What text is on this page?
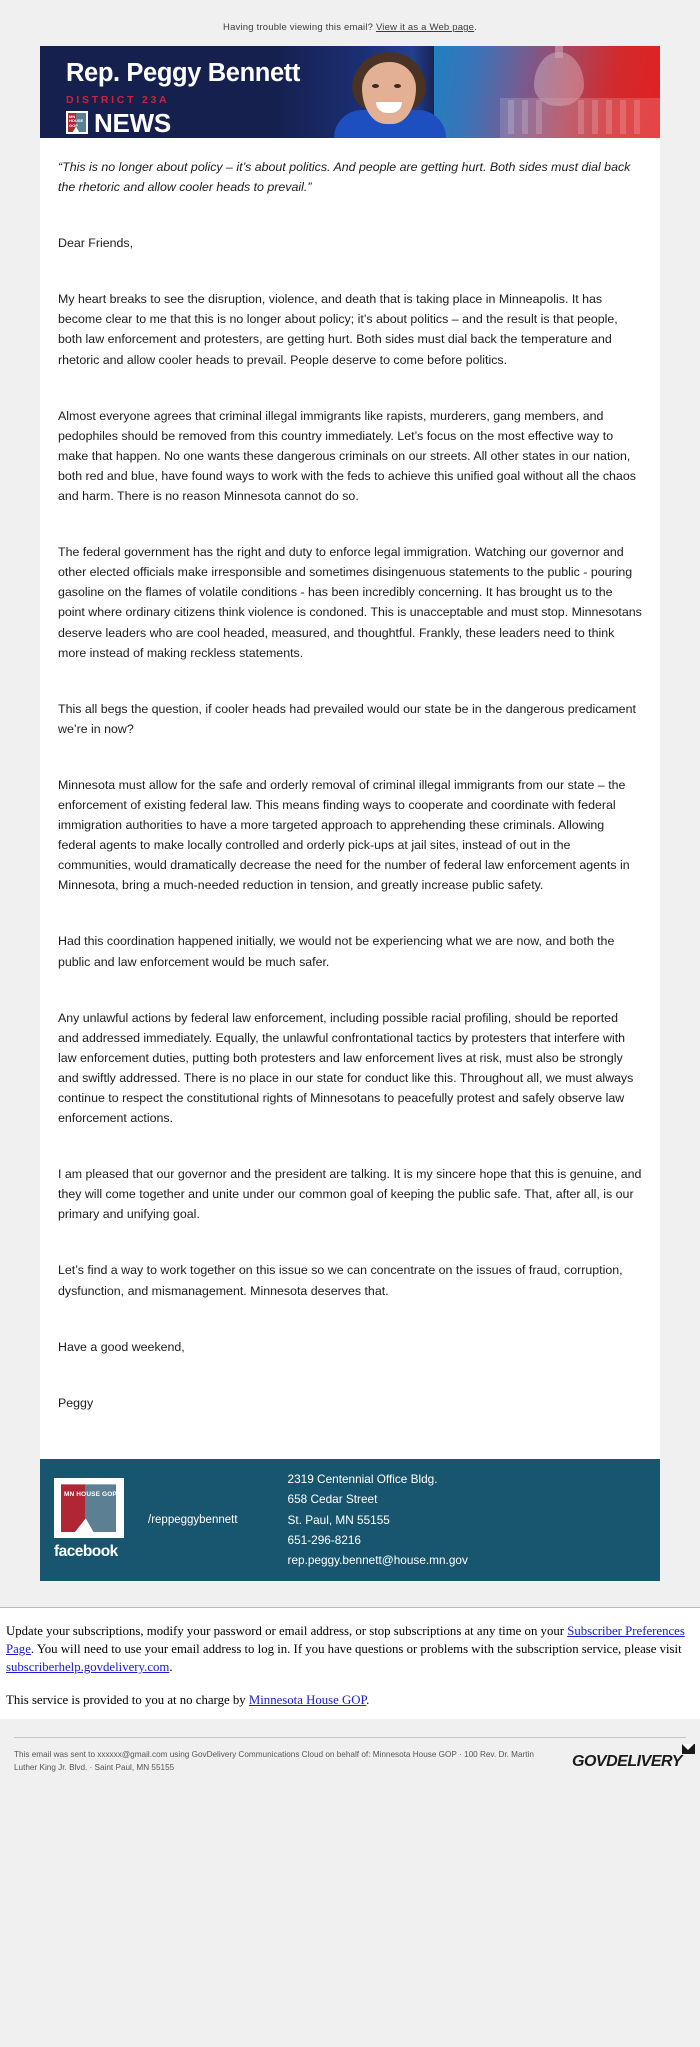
Having trouble viewing this email? View it as a Web page.
Rep. Peggy Bennett
DISTRICT 23A
MN HOUSE GOP NEWS
“This is no longer about policy – it’s about politics. And people are getting hurt. Both sides must dial back the rhetoric and allow cooler heads to prevail.”

Dear Friends,

My heart breaks to see the disruption, violence, and death that is taking place in Minneapolis. It has become clear to me that this is no longer about policy; it’s about politics – and the result is that people, both law enforcement and protesters, are getting hurt. Both sides must dial back the temperature and rhetoric and allow cooler heads to prevail. People deserve to come before politics.

Almost everyone agrees that criminal illegal immigrants like rapists, murderers, gang members, and pedophiles should be removed from this country immediately. Let’s focus on the most effective way to make that happen. No one wants these dangerous criminals on our streets. All other states in our nation, both red and blue, have found ways to work with the feds to achieve this unified goal without all the chaos and harm. There is no reason Minnesota cannot do so.

The federal government has the right and duty to enforce legal immigration. Watching our governor and other elected officials make irresponsible and sometimes disingenuous statements to the public - pouring gasoline on the flames of volatile conditions - has been incredibly concerning. It has brought us to the point where ordinary citizens think violence is condoned. This is unacceptable and must stop. Minnesotans deserve leaders who are cool headed, measured, and thoughtful. Frankly, these leaders need to think more instead of making reckless statements.

This all begs the question, if cooler heads had prevailed would our state be in the dangerous predicament we’re in now?

Minnesota must allow for the safe and orderly removal of criminal illegal immigrants from our state – the enforcement of existing federal law. This means finding ways to cooperate and coordinate with federal immigration authorities to have a more targeted approach to apprehending these criminals. Allowing federal agents to make locally controlled and orderly pick-ups at jail sites, instead of out in the communities, would dramatically decrease the need for the number of federal law enforcement agents in Minnesota, bring a much-needed reduction in tension, and greatly increase public safety.

Had this coordination happened initially, we would not be experiencing what we are now, and both the public and law enforcement would be much safer.

Any unlawful actions by federal law enforcement, including possible racial profiling, should be reported and addressed immediately. Equally, the unlawful confrontational tactics by protesters that interfere with law enforcement duties, putting both protesters and law enforcement lives at risk, must also be strongly and swiftly addressed. There is no place in our state for conduct like this. Throughout all, we must always continue to respect the constitutional rights of Minnesotans to peacefully protest and safely observe law enforcement actions.

I am pleased that our governor and the president are talking. It is my sincere hope that this is genuine, and they will come together and unite under our common goal of keeping the public safe. That, after all, is our primary and unifying goal.

Let’s find a way to work together on this issue so we can concentrate on the issues of fraud, corruption, dysfunction, and mismanagement. Minnesota deserves that.

Have a good weekend,

Peggy

MN HOUSE GOP
facebook
/reppeggybennett
2319 Centennial Office Bldg.
658 Cedar Street
St. Paul, MN 55155
651-296-8216
rep.peggy.bennett@house.mn.gov

Update your subscriptions, modify your password or email address, or stop subscriptions at any time on your Subscriber Preferences Page. You will need to use your email address to log in. If you have questions or problems with the subscription service, please visit subscriberhelp.govdelivery.com.

This service is provided to you at no charge by Minnesota House GOP.

This email was sent to xxxxxx@gmail.com using GovDelivery Communications Cloud on behalf of: Minnesota House GOP · 100 Rev. Dr. Martin Luther King Jr. Blvd. · Saint Paul, MN 55155	GOVDELIVERY
